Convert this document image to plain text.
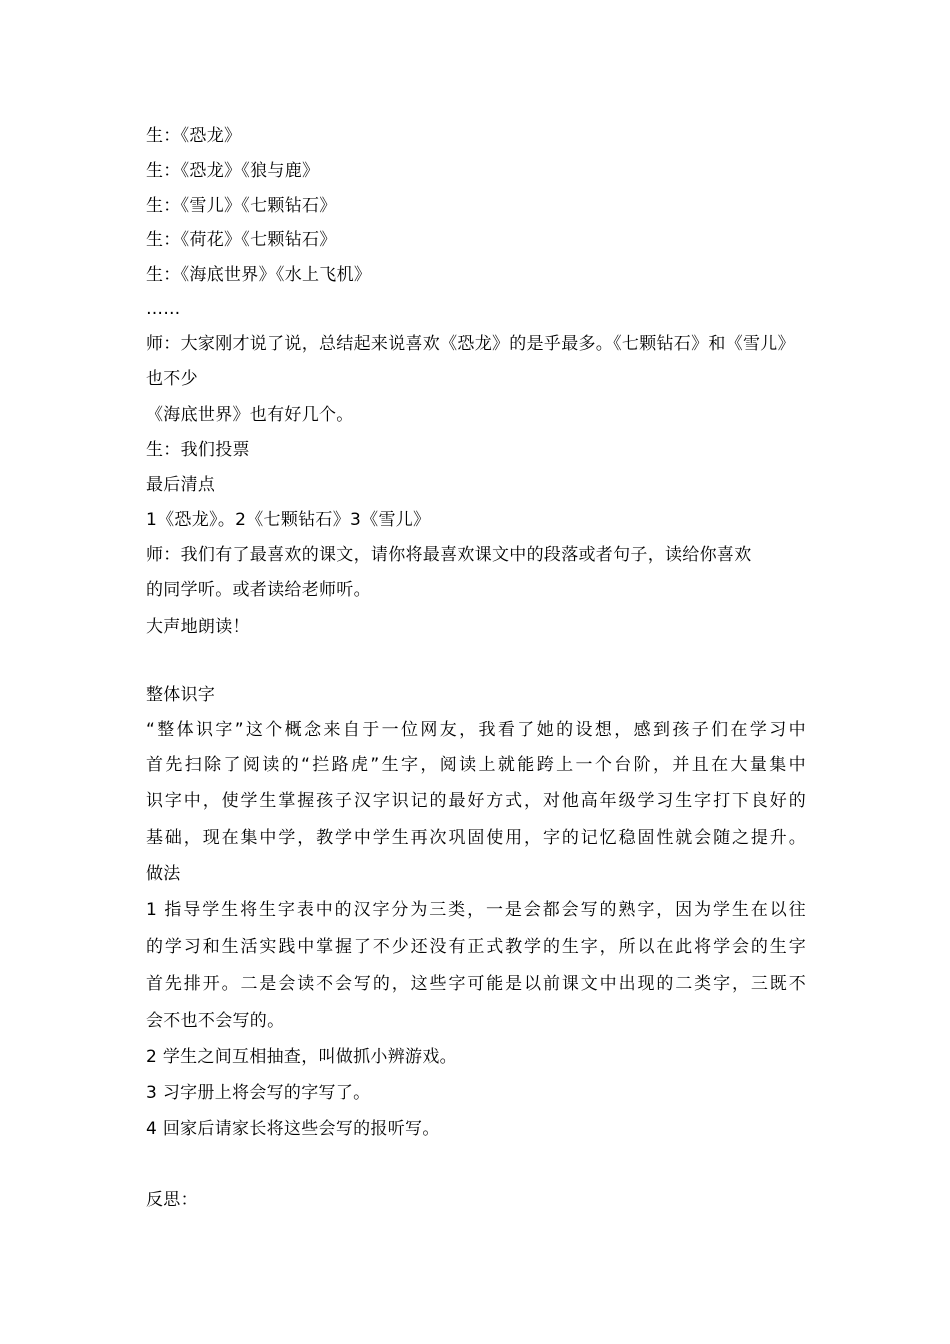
生：《恐龙》
生：《恐龙》《狼与鹿》
生：《雪儿》《七颗钻石》
生：《荷花》《七颗钻石》
生：《海底世界》《水上飞机》
……
师：大家刚才说了说，总结起来说喜欢《恐龙》的是乎最多。《七颗钻石》和《雪儿》
也不少
《海底世界》也有好几个。
生：我们投票
最后清点
1《恐龙》。2《七颗钻石》3《雪儿》
师：我们有了最喜欢的课文，请你将最喜欢课文中的段落或者句子，读给你喜欢
的同学听。或者读给老师听。
大声地朗读！
整体识字
“整体识字”这个概念来自于一位网友，我看了她的设想，感到孩子们在学习中
首先扫除了阅读的“拦路虎”生字，阅读上就能跨上一个台阶，并且在大量集中
识字中，使学生掌握孩子汉字识记的最好方式，对他高年级学习生字打下良好的
基础，现在集中学，教学中学生再次巩固使用，字的记忆稳固性就会随之提升。
做法
1 指导学生将生字表中的汉字分为三类，一是会都会写的熟字，因为学生在以往
的学习和生活实践中掌握了不少还没有正式教学的生字，所以在此将学会的生字
首先排开。二是会读不会写的，这些字可能是以前课文中出现的二类字，三既不
会不也不会写的。
2 学生之间互相抽查，叫做抓小辨游戏。
3 习字册上将会写的字写了。
4 回家后请家长将这些会写的报听写。
反思：
